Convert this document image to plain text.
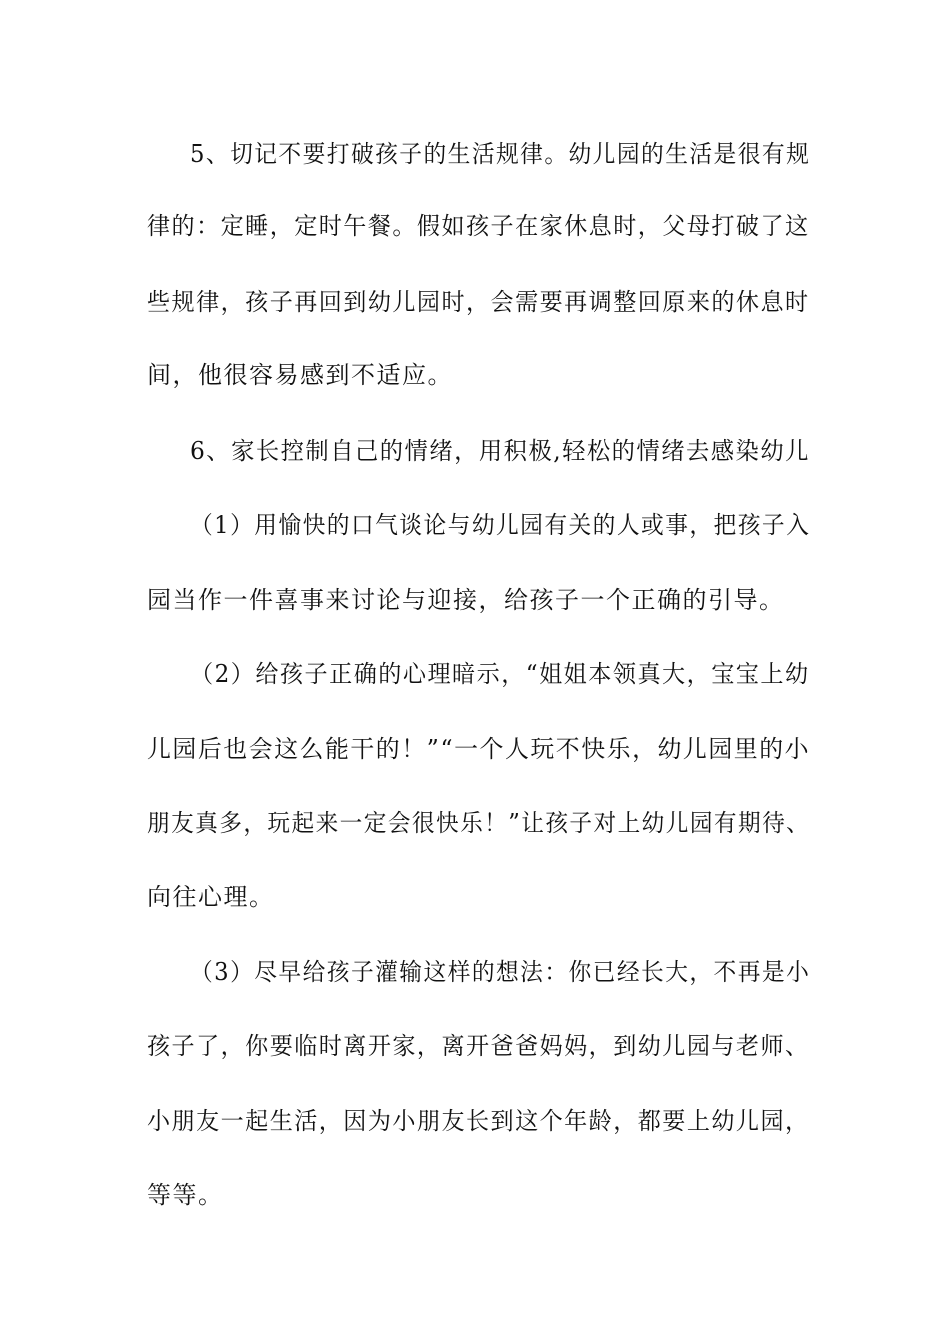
5、切记不要打破孩子的生活规律。幼儿园的生活是很有规
律的：定睡，定时午餐。假如孩子在家休息时，父母打破了这
些规律，孩子再回到幼儿园时，会需要再调整回原来的休息时
间，他很容易感到不适应。
6、家长控制自己的情绪，用积极,轻松的情绪去感染幼儿
（1）用愉快的口气谈论与幼儿园有关的人或事，把孩子入
园当作一件喜事来讨论与迎接，给孩子一个正确的引导。
（2）给孩子正确的心理暗示，“姐姐本领真大，宝宝上幼
儿园后也会这么能干的！”“一个人玩不快乐，幼儿园里的小
朋友真多，玩起来一定会很快乐！”让孩子对上幼儿园有期待、
向往心理。
（3）尽早给孩子灌输这样的想法：你已经长大，不再是小
孩子了，你要临时离开家，离开爸爸妈妈，到幼儿园与老师、
小朋友一起生活，因为小朋友长到这个年龄，都要上幼儿园，
等等。
